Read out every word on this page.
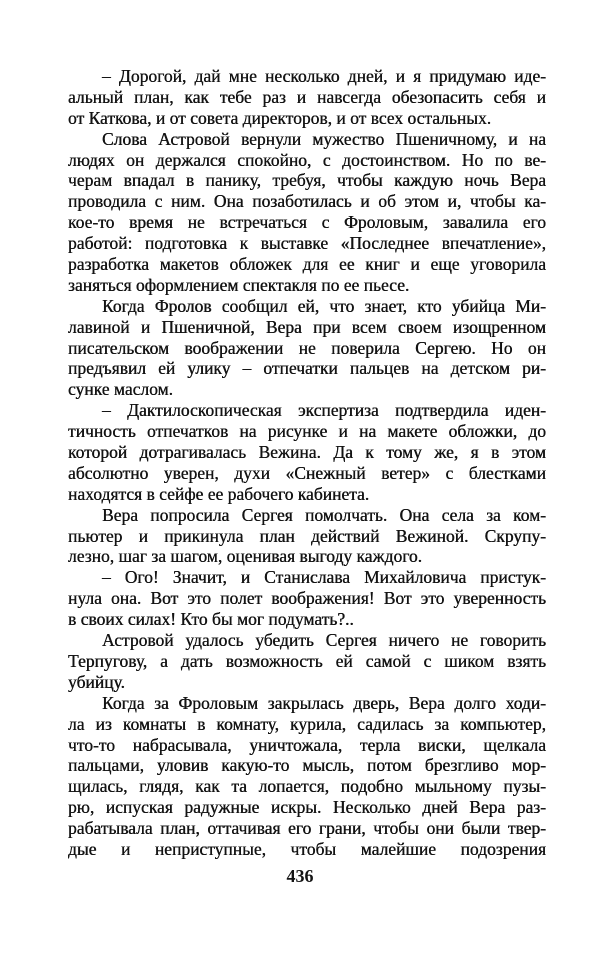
– Дорогой, дай мне несколько дней, и я придумаю иде-
альный план, как тебе раз и навсегда обезопасить себя и
от Каткова, и от совета директоров, и от всех остальных.
Слова Астровой вернули мужество Пшеничному, и на
людях он держался спокойно, с достоинством. Но по ве-
черам впадал в панику, требуя, чтобы каждую ночь Вера
проводила с ним. Она позаботилась и об этом и, чтобы ка-
кое-то время не встречаться с Фроловым, завалила его
работой: подготовка к выставке «Последнее впечатление»,
разработка макетов обложек для ее книг и еще уговорила
заняться оформлением спектакля по ее пьесе.
Когда Фролов сообщил ей, что знает, кто убийца Ми-
лавиной и Пшеничной, Вера при всем своем изощренном
писательском воображении не поверила Сергею. Но он
предъявил ей улику – отпечатки пальцев на детском ри-
сунке маслом.
– Дактилоскопическая экспертиза подтвердила иден-
тичность отпечатков на рисунке и на макете обложки, до
которой дотрагивалась Вежина. Да к тому же, я в этом
абсолютно уверен, духи «Снежный ветер» с блестками
находятся в сейфе ее рабочего кабинета.
Вера попросила Сергея помолчать. Она села за ком-
пьютер и прикинула план действий Вежиной. Скрупу-
лезно, шаг за шагом, оценивая выгоду каждого.
– Ого! Значит, и Станислава Михайловича пристук-
нула она. Вот это полет воображения! Вот это уверенность
в своих силах! Кто бы мог подумать?..
Астровой удалось убедить Сергея ничего не говорить
Терпугову, а дать возможность ей самой с шиком взять
убийцу.
Когда за Фроловым закрылась дверь, Вера долго ходи-
ла из комнаты в комнату, курила, садилась за компьютер,
что-то набрасывала, уничтожала, терла виски, щелкала
пальцами, уловив какую-то мысль, потом брезгливо мор-
щилась, глядя, как та лопается, подобно мыльному пузы-
рю, испуская радужные искры. Несколько дней Вера раз-
рабатывала план, оттачивая его грани, чтобы они были твер-
дые и неприступные, чтобы малейшие подозрения
436
